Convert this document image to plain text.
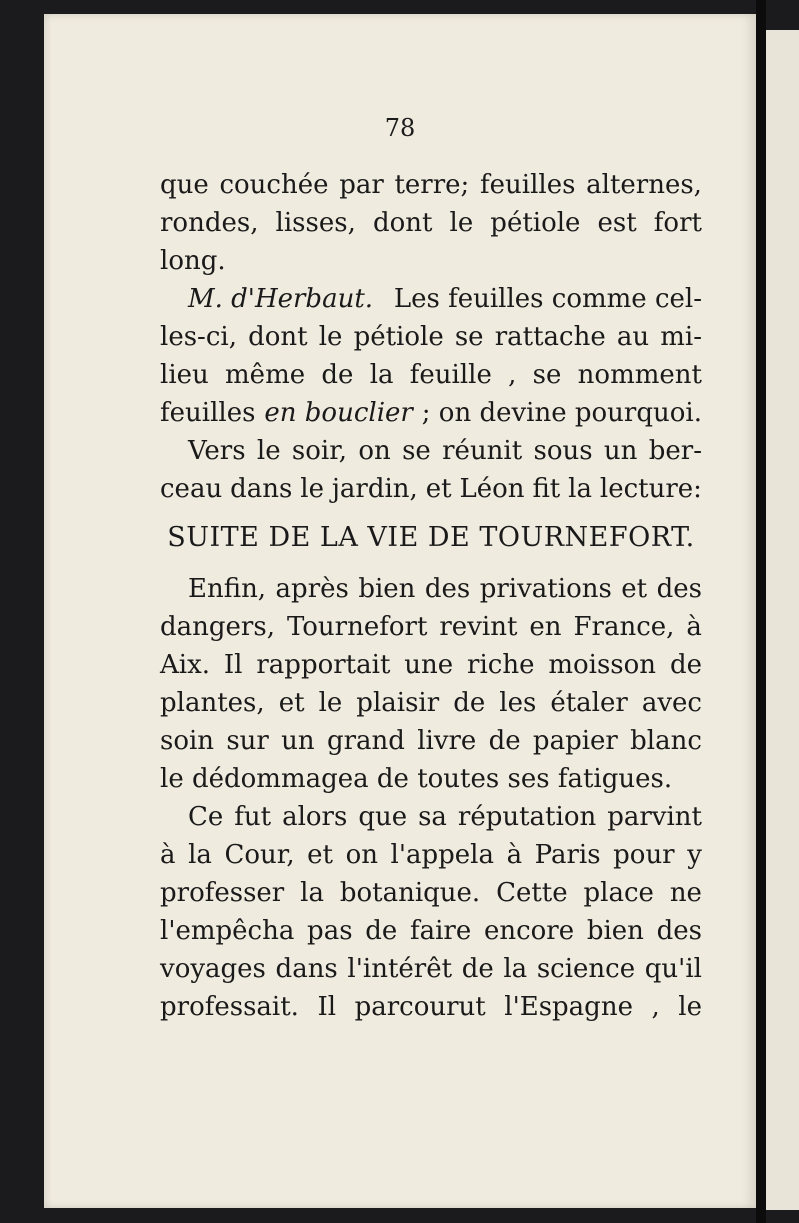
78
que couchée par terre; feuilles alternes,
rondes, lisses, dont le pétiole est fort
long.
M. d'Herbaut. Les feuilles comme cel-
les-ci, dont le pétiole se rattache au mi-
lieu même de la feuille , se nomment
feuilles en bouclier ; on devine pourquoi.
Vers le soir, on se réunit sous un ber-
ceau dans le jardin, et Léon fit la lecture:
SUITE DE LA VIE DE TOURNEFORT.
Enfin, après bien des privations et des
dangers, Tournefort revint en France, à
Aix. Il rapportait une riche moisson de
plantes, et le plaisir de les étaler avec
soin sur un grand livre de papier blanc
le dédommagea de toutes ses fatigues.
Ce fut alors que sa réputation parvint
à la Cour, et on l'appela à Paris pour y
professer la botanique. Cette place ne
l'empêcha pas de faire encore bien des
voyages dans l'intérêt de la science qu'il
professait. Il parcourut l'Espagne , le
